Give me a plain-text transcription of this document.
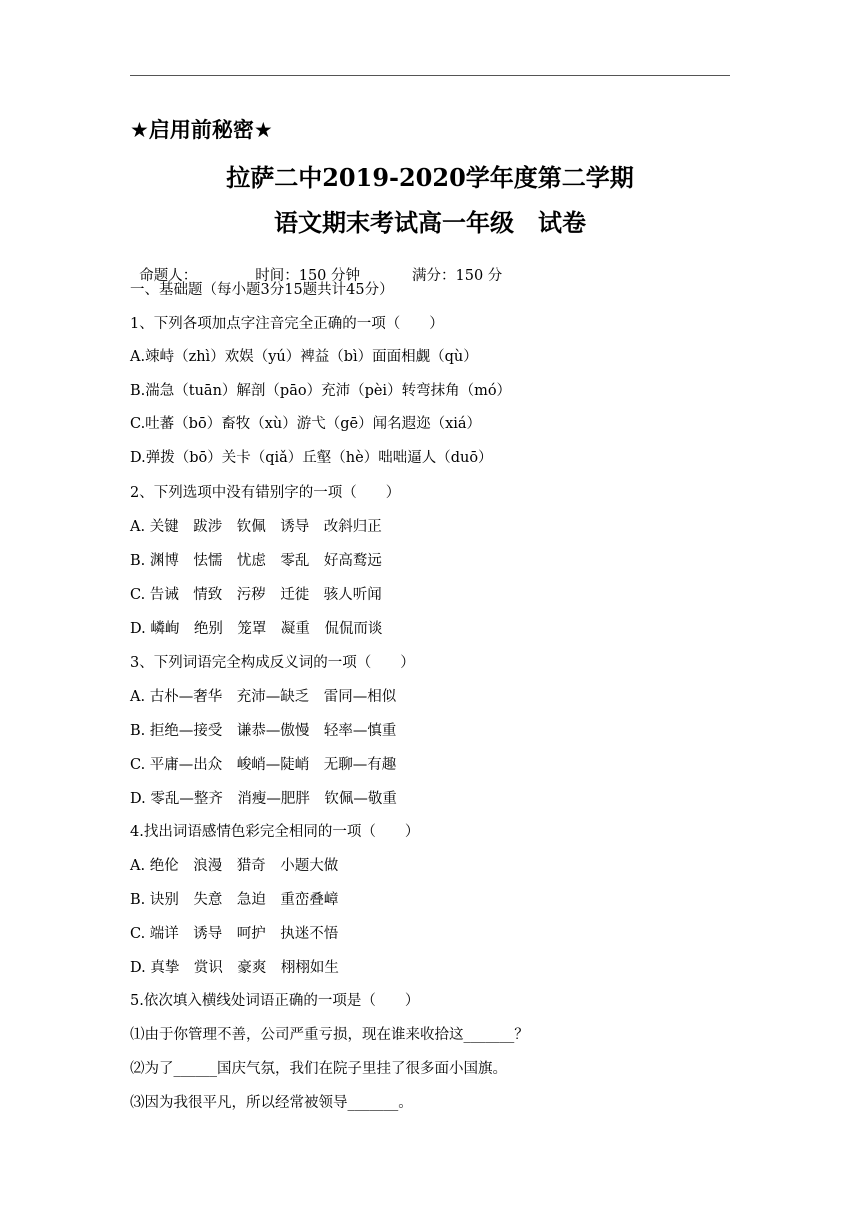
★启用前秘密★
拉萨二中2019-2020学年度第二学期
语文期末考试高一年级　试卷

命题人：	时间：150 分钟	满分：150 分

一、基础题（每小题3分15题共计45分）
1、下列各项加点字注音完全正确的一项（　　）
A.竦峙（zhì）欢娱（yú）裨益（bì）面面相觑（qù）
B.湍急（tuān）解剖（pāo）充沛（pèi）转弯抹角（mó）
C.吐蕃（bō）畜牧（xù）游弋（gē）闻名遐迩（xiá）
D.弹拨（bō）关卡（qiǎ）丘壑（hè）咄咄逼人（duō）
2、下列选项中没有错别字的一项（　　）
A. 关键　跋涉　钦佩　诱导　改斜归正
B. 渊博　怯懦　忧虑　零乱　好高鹜远
C. 告诫　情致　污秽　迁徙　骇人听闻
D. 嶙峋　绝别　笼罩　凝重　侃侃而谈
3、下列词语完全构成反义词的一项（　　）
A. 古朴—奢华　充沛—缺乏　雷同—相似
B. 拒绝—接受　谦恭—傲慢　轻率—慎重
C. 平庸—出众　峻峭—陡峭　无聊—有趣
D. 零乱—整齐　消瘦—肥胖　钦佩—敬重
4.找出词语感情色彩完全相同的一项（　　）
A. 绝伦　浪漫　猎奇　小题大做
B. 诀别　失意　急迫　重峦叠嶂
C. 端详　诱导　呵护　执迷不悟
D. 真挚　赏识　豪爽　栩栩如生
5.依次填入横线处词语正确的一项是（　　）
⑴由于你管理不善，公司严重亏损，现在谁来收拾这_______？
⑵为了______国庆气氛，我们在院子里挂了很多面小国旗。
⑶因为我很平凡，所以经常被领导_______。
